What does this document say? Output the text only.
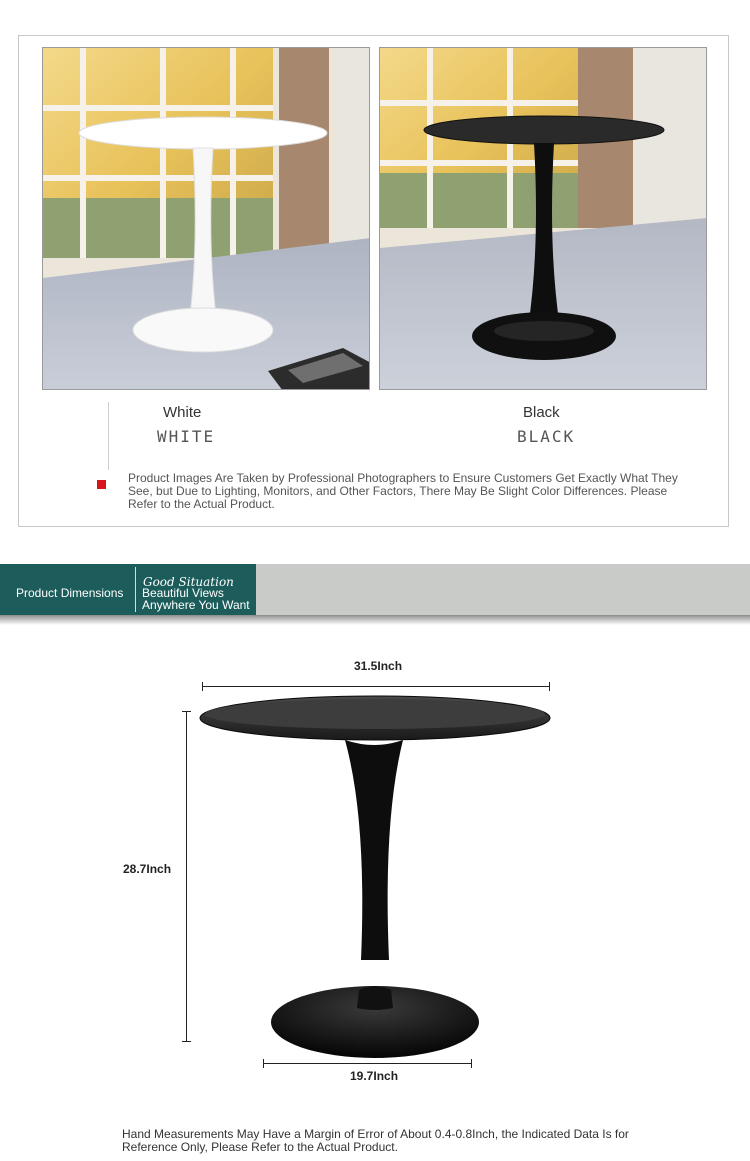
White
WHITE
Black
BLACK
Product Images Are Taken by Professional Photographers to Ensure Customers Get Exactly What They See, but Due to Lighting, Monitors, and Other Factors, There May Be Slight Color Differences. Please Refer to the Actual Product.
Product Dimensions
Good Situation
Beautiful Views
Anywhere You Want
31.5Inch
28.7Inch
19.7Inch
Hand Measurements May Have a Margin of Error of About 0.4-0.8Inch, the Indicated Data Is for Reference Only, Please Refer to the Actual Product.
